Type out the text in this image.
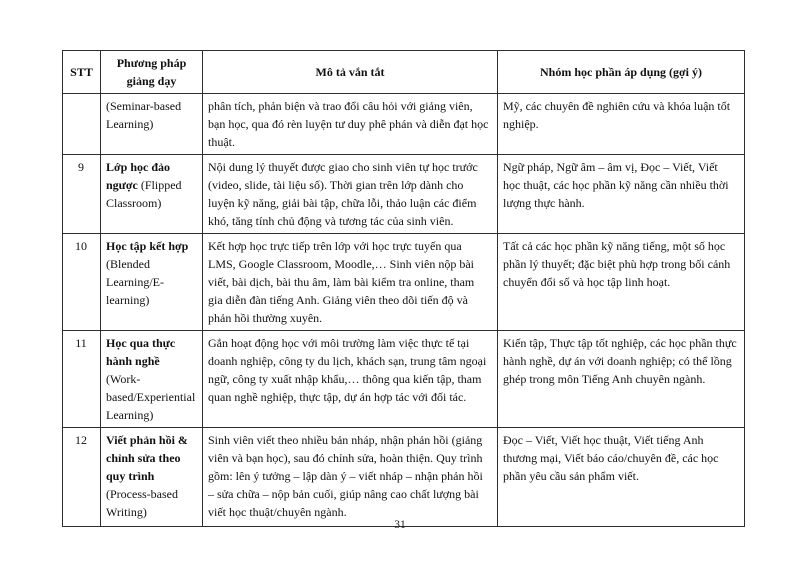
STT	Phương pháp giảng dạy	Mô tả vắn tắt	Nhóm học phần áp dụng (gợi ý)
	(Seminar-based Learning)	phân tích, phản biện và trao đổi câu hỏi với giảng viên, bạn học, qua đó rèn luyện tư duy phê phán và diễn đạt học thuật.	Mỹ, các chuyên đề nghiên cứu và khóa luận tốt nghiệp.
9	Lớp học đảo ngược (Flipped Classroom)	Nội dung lý thuyết được giao cho sinh viên tự học trước (video, slide, tài liệu số). Thời gian trên lớp dành cho luyện kỹ năng, giải bài tập, chữa lỗi, thảo luận các điểm khó, tăng tính chủ động và tương tác của sinh viên.	Ngữ pháp, Ngữ âm – âm vị, Đọc – Viết, Viết học thuật, các học phần kỹ năng cần nhiều thời lượng thực hành.
10	Học tập kết hợp (Blended Learning/E-learning)	Kết hợp học trực tiếp trên lớp với học trực tuyến qua LMS, Google Classroom, Moodle,… Sinh viên nộp bài viết, bài dịch, bài thu âm, làm bài kiểm tra online, tham gia diễn đàn tiếng Anh. Giảng viên theo dõi tiến độ và phản hồi thường xuyên.	Tất cả các học phần kỹ năng tiếng, một số học phần lý thuyết; đặc biệt phù hợp trong bối cảnh chuyển đổi số và học tập linh hoạt.
11	Học qua thực hành nghề (Work-based/Experiential Learning)	Gắn hoạt động học với môi trường làm việc thực tế tại doanh nghiệp, công ty du lịch, khách sạn, trung tâm ngoại ngữ, công ty xuất nhập khẩu,… thông qua kiến tập, tham quan nghề nghiệp, thực tập, dự án hợp tác với đối tác.	Kiến tập, Thực tập tốt nghiệp, các học phần thực hành nghề, dự án với doanh nghiệp; có thể lồng ghép trong môn Tiếng Anh chuyên ngành.
12	Viết phản hồi & chỉnh sửa theo quy trình (Process-based Writing)	Sinh viên viết theo nhiều bản nháp, nhận phản hồi (giảng viên và bạn học), sau đó chỉnh sửa, hoàn thiện. Quy trình gồm: lên ý tưởng – lập dàn ý – viết nháp – nhận phản hồi – sửa chữa – nộp bản cuối, giúp nâng cao chất lượng bài viết học thuật/chuyên ngành.	Đọc – Viết, Viết học thuật, Viết tiếng Anh thương mại, Viết báo cáo/chuyên đề, các học phần yêu cầu sản phẩm viết.
31
